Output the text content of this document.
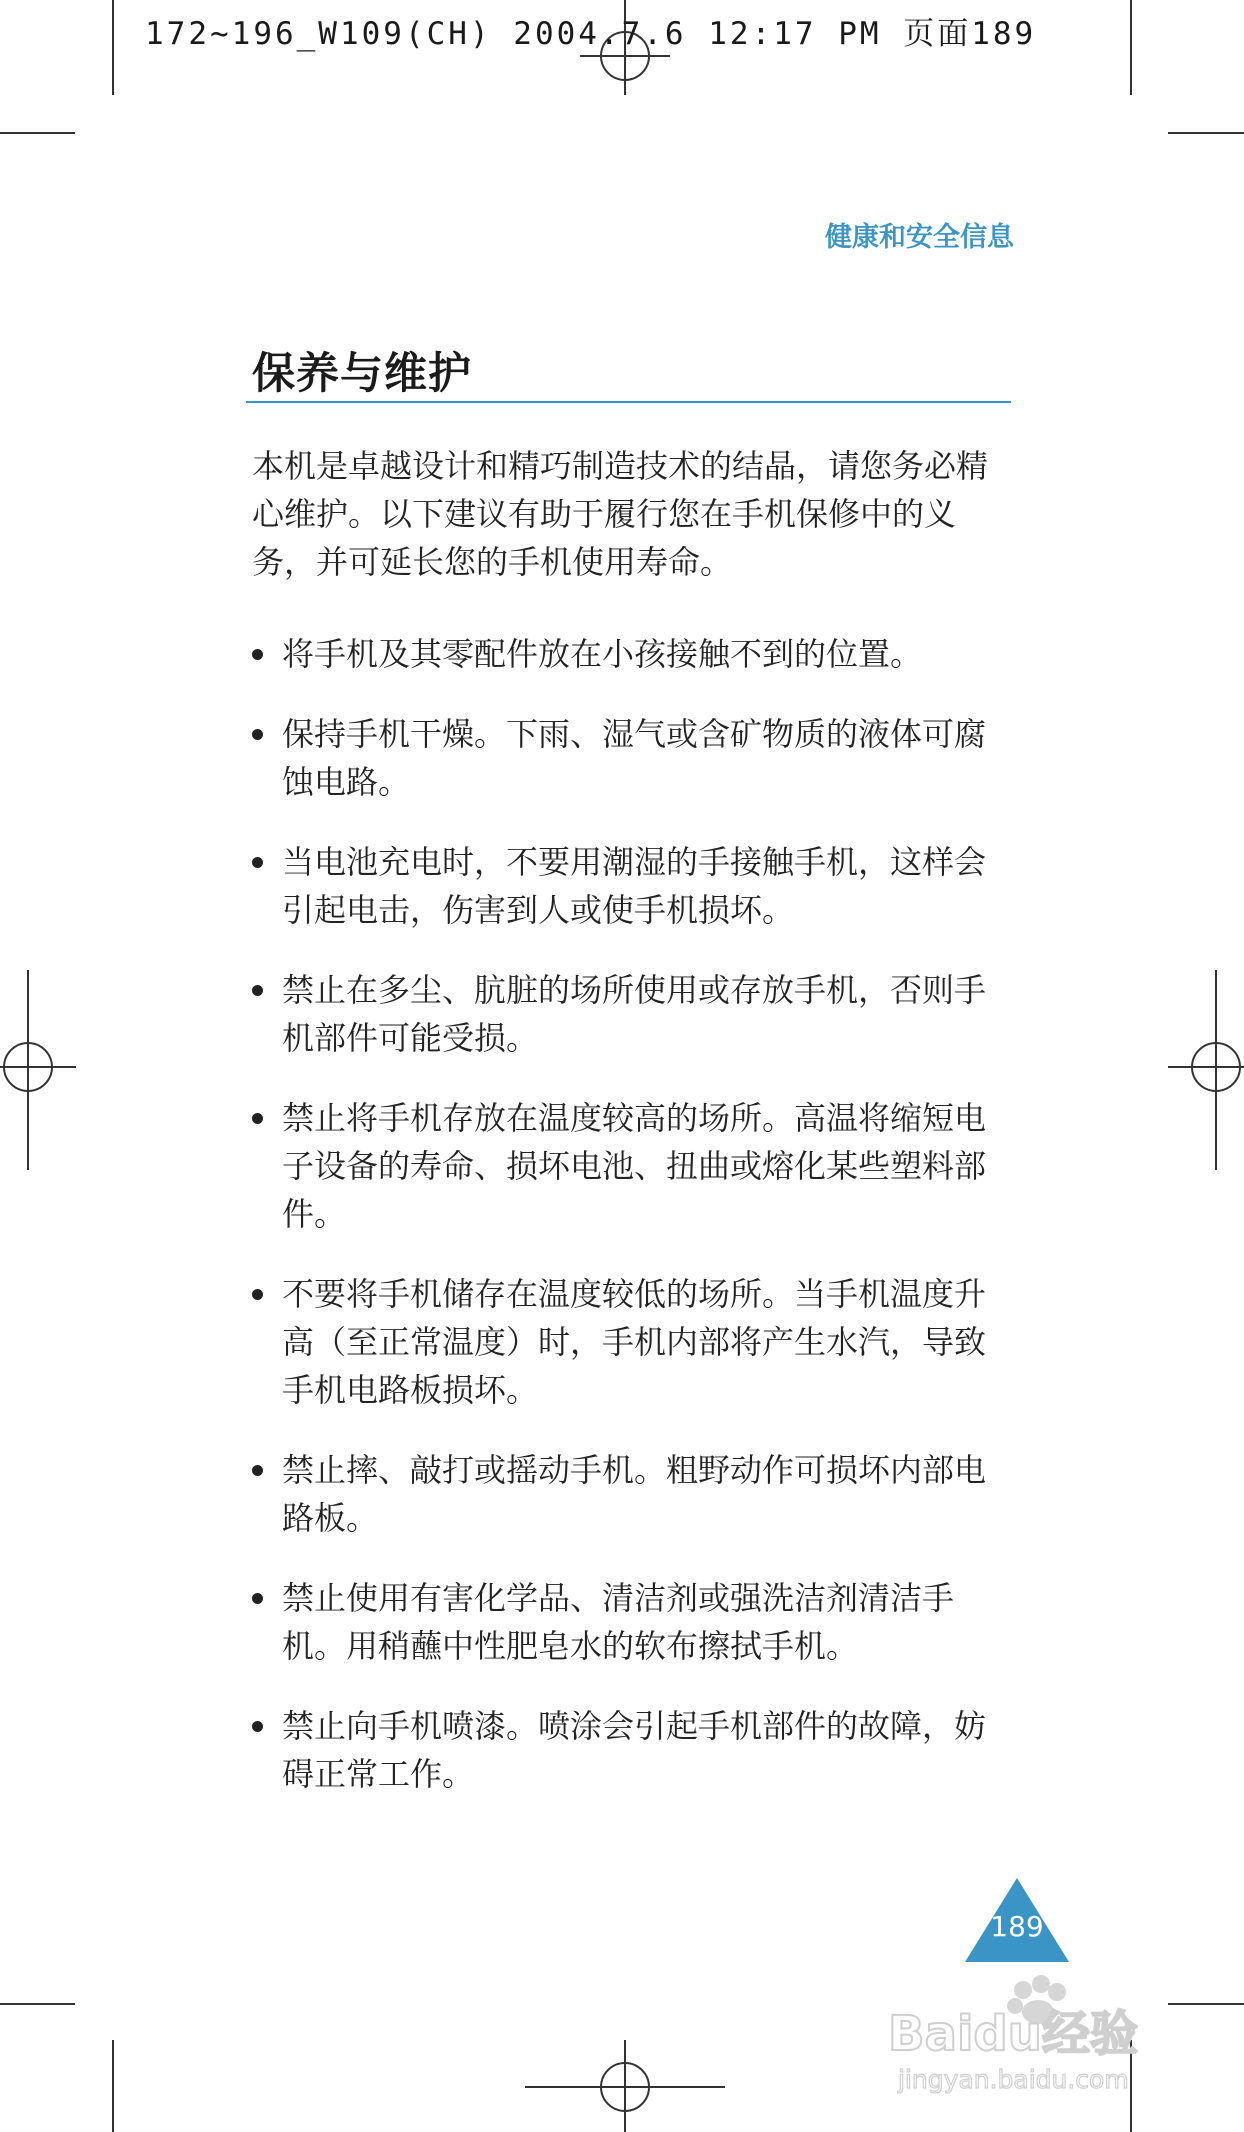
172~196_W109(CH) 2004.7.6 12:17 PM 页面189
健康和安全信息
保养与维护
本机是卓越设计和精巧制造技术的结晶，请您务必精心维护。以下建议有助于履行您在手机保修中的义务，并可延长您的手机使用寿命。
将手机及其零配件放在小孩接触不到的位置。
保持手机干燥。下雨、湿气或含矿物质的液体可腐蚀电路。
当电池充电时，不要用潮湿的手接触手机，这样会引起电击，伤害到人或使手机损坏。
禁止在多尘、肮脏的场所使用或存放手机，否则手机部件可能受损。
禁止将手机存放在温度较高的场所。高温将缩短电子设备的寿命、损坏电池、扭曲或熔化某些塑料部件。
不要将手机储存在温度较低的场所。当手机温度升高（至正常温度）时，手机内部将产生水汽，导致手机电路板损坏。
禁止摔、敲打或摇动手机。粗野动作可损坏内部电路板。
禁止使用有害化学品、清洁剂或强洗洁剂清洁手机。用稍蘸中性肥皂水的软布擦拭手机。
禁止向手机喷漆。喷涂会引起手机部件的故障，妨碍正常工作。
189
Baidu经验
jingyan.baidu.com
